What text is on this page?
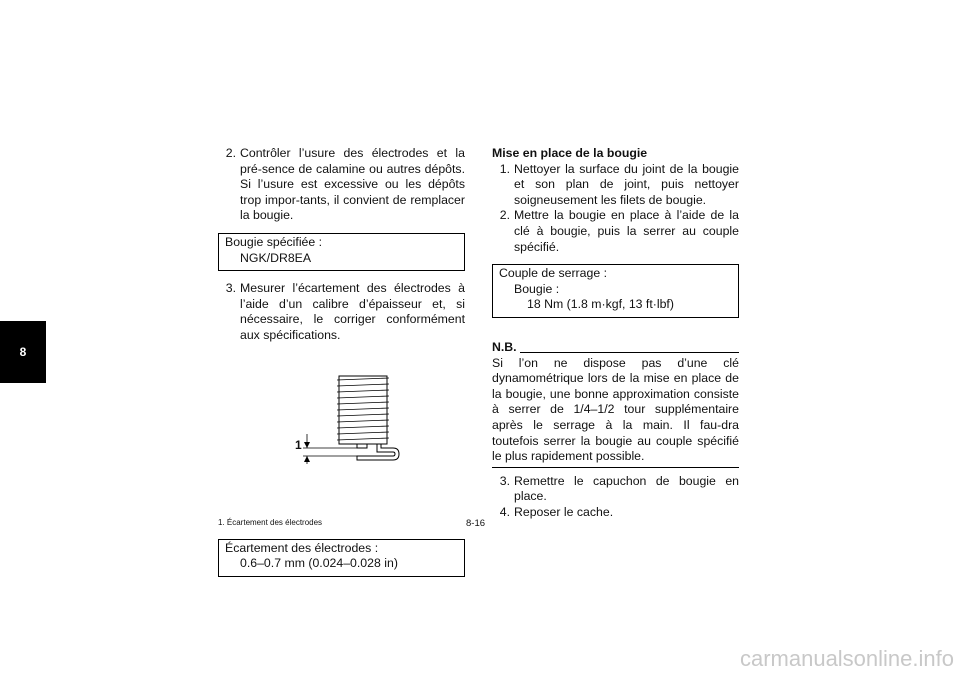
8
2. Contrôler l’usure des électrodes et la pré-sence de calamine ou autres dépôts. Si l’usure est excessive ou les dépôts trop impor-tants, il convient de remplacer la bougie.
Bougie spécifiée :
NGK/DR8EA
3. Mesurer l’écartement des électrodes à l’aide d’un calibre d’épaisseur et, si nécessaire, le corriger conformément aux spécifications.
1
1. Écartement des électrodes
Écartement des électrodes :
0.6–0.7 mm (0.024–0.028 in)
Mise en place de la bougie
1. Nettoyer la surface du joint de la bougie et son plan de joint, puis nettoyer soigneusement les filets de bougie.
2. Mettre la bougie en place à l’aide de la clé à bougie, puis la serrer au couple spécifié.
Couple de serrage :
Bougie :
18 Nm (1.8 m·kgf, 13 ft·lbf)
N.B.
Si l’on ne dispose pas d’une clé dynamométrique lors de la mise en place de la bougie, une bonne approximation consiste à serrer de 1/4–1/2 tour supplémentaire après le serrage à la main. Il fau-dra toutefois serrer la bougie au couple spécifié le plus rapidement possible.
3. Remettre le capuchon de bougie en place.
4. Reposer le cache.
8-16
carmanualsonline.info
